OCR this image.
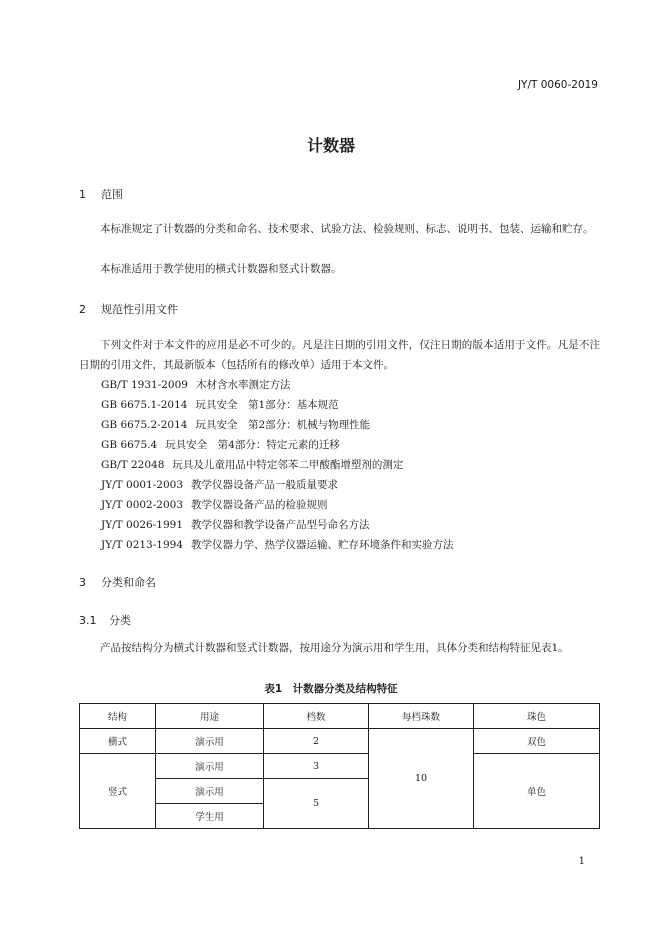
JY/T 0060-2019
计数器
1 范围
本标准规定了计数器的分类和命名、技术要求、试验方法、检验规则、标志、说明书、包装、运输和贮存。
本标准适用于教学使用的横式计数器和竖式计数器。
2 规范性引用文件
下列文件对于本文件的应用是必不可少的。凡是注日期的引用文件，仅注日期的版本适用于文件。凡是不注日期的引用文件，其最新版本（包括所有的修改单）适用于本文件。
GB/T 1931-2009 木材含水率测定方法
GB 6675.1-2014 玩具安全　第1部分：基本规范
GB 6675.2-2014 玩具安全　第2部分：机械与物理性能
GB 6675.4 玩具安全　第4部分：特定元素的迁移
GB/T 22048 玩具及儿童用品中特定邻苯二甲酸酯增塑剂的测定
JY/T 0001-2003 教学仪器设备产品一般质量要求
JY/T 0002-2003 教学仪器设备产品的检验规则
JY/T 0026-1991 教学仪器和教学设备产品型号命名方法
JY/T 0213-1994 教学仪器力学、热学仪器运输、贮存环境条件和实验方法
3 分类和命名
3.1 分类
产品按结构分为横式计数器和竖式计数器，按用途分为演示用和学生用，具体分类和结构特征见表1。
表1　计数器分类及结构特征
结构	用途	档数	每档珠数	珠色
横式	演示用	2	10	双色
竖式	演示用	3		单色
	演示用	5		
	学生用			
1
